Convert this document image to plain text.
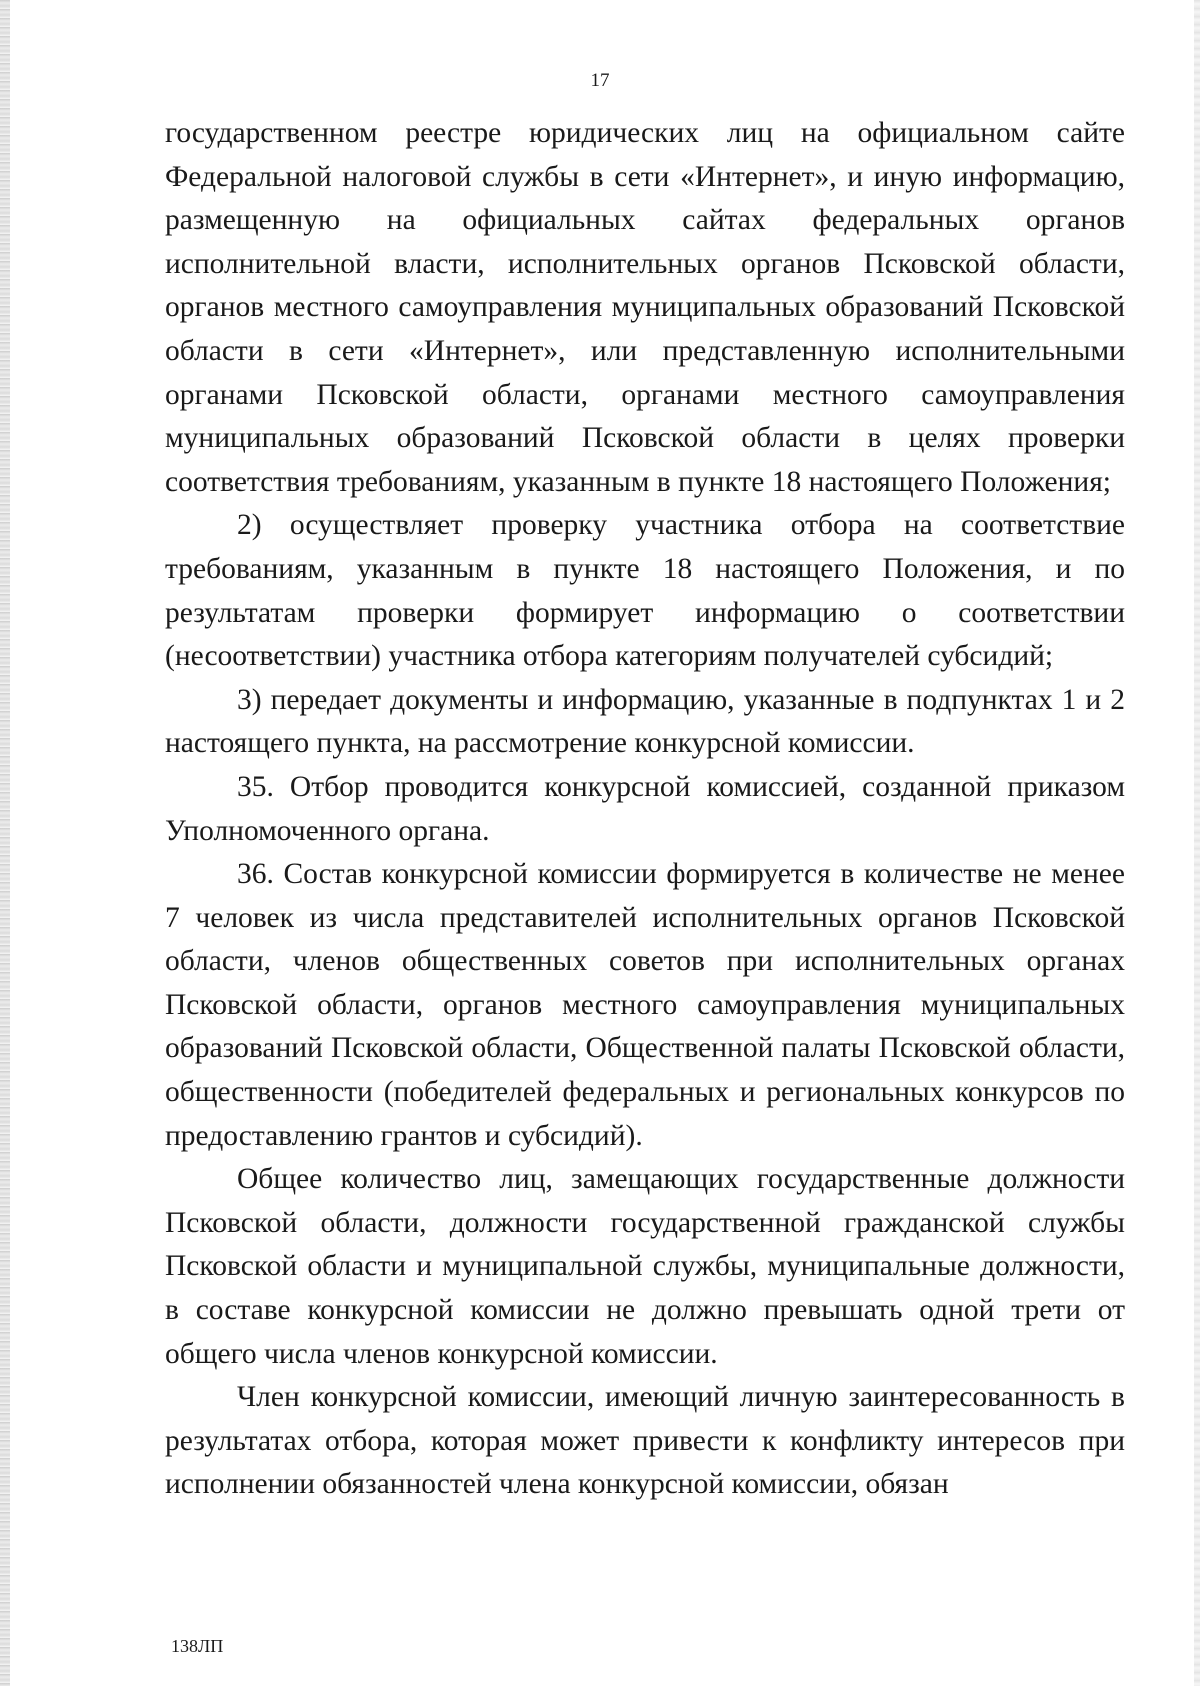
17

государственном реестре юридических лиц на официальном сайте Федеральной налоговой службы в сети «Интернет», и иную информацию, размещенную на официальных сайтах федеральных органов исполнительной власти, исполнительных органов Псковской области, органов местного самоуправления муниципальных образований Псковской области в сети «Интернет», или представленную исполнительными органами Псковской области, органами местного самоуправления муниципальных образований Псковской области в целях проверки соответствия требованиям, указанным в пункте 18 настоящего Положения;

2) осуществляет проверку участника отбора на соответствие требованиям, указанным в пункте 18 настоящего Положения, и по результатам проверки формирует информацию о соответствии (несоответствии) участника отбора категориям получателей субсидий;

3) передает документы и информацию, указанные в подпунктах 1 и 2 настоящего пункта, на рассмотрение конкурсной комиссии.

35. Отбор проводится конкурсной комиссией, созданной приказом Уполномоченного органа.

36. Состав конкурсной комиссии формируется в количестве не менее 7 человек из числа представителей исполнительных органов Псковской области, членов общественных советов при исполнительных органах Псковской области, органов местного самоуправления муниципальных образований Псковской области, Общественной палаты Псковской области, общественности (победителей федеральных и региональных конкурсов по предоставлению грантов и субсидий).

Общее количество лиц, замещающих государственные должности Псковской области, должности государственной гражданской службы Псковской области и муниципальной службы, муниципальные должности, в составе конкурсной комиссии не должно превышать одной трети от общего числа членов конкурсной комиссии.

Член конкурсной комиссии, имеющий личную заинтересованность в результатах отбора, которая может привести к конфликту интересов при исполнении обязанностей члена конкурсной комиссии, обязан

138ЛП
